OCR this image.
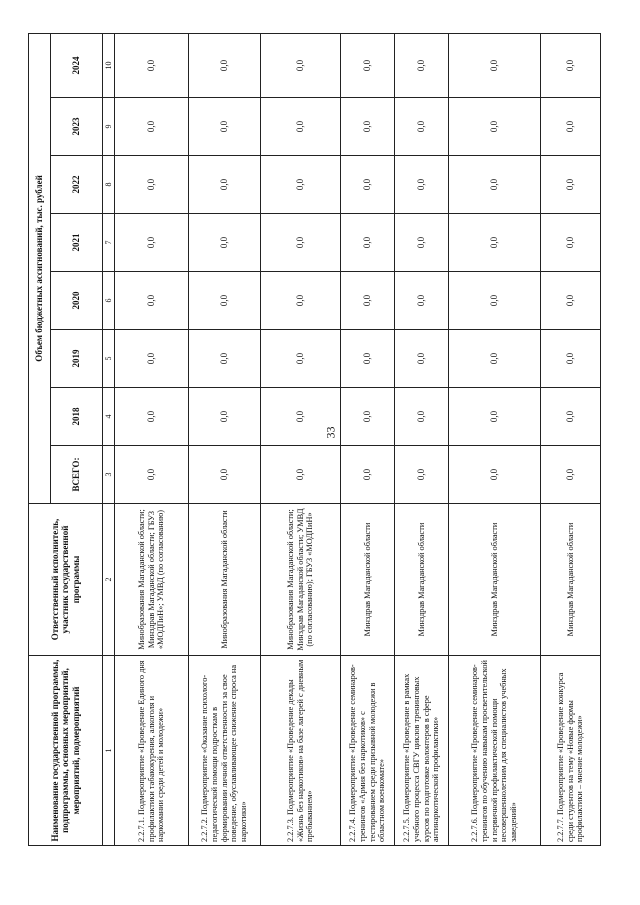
33
Наименование государственной программы, подпрограммы, основных мероприятий, мероприятий, подмероприятий	Ответственный исполнитель, участник государственной программы	Объем бюджетных ассигнований, тыс. рублей							
		ВСЕГО:	2018	2019	2020	2021	2022	2023	2024
1	2	3	4	5	6	7	8	9	10
2.2.7.1. Подмероприятие «Проведение Единого дня профилактики табакокурения, алкоголя и наркомании среди детей и молодежи»	Минобразования Магаданской области; Минздрав Магаданской области; ГБУЗ «МОДПиН»; УМВД (по согласованию)	0,0	0,0	0,0	0,0	0,0	0,0	0,0	0,0
2.2.7.2. Подмероприятие «Оказание психолого-педагогической помощи подросткам в формировании личной ответственности за свое поведение, обуславливающее снижение спроса на наркотики»	Минобразования Магаданской области	0,0	0,0	0,0	0,0	0,0	0,0	0,0	0,0
2.2.7.3. Подмероприятие «Проведение декады «Жизнь без наркотиков» на базе лагерей с дневным пребыванием»	Минобразования Магаданской области; Минздрав Магаданской области; УМВД (по согласованию); ГБУЗ «МОДПиН»	0,0	0,0	0,0	0,0	0,0	0,0	0,0	0,0
2.2.7.4. Подмероприятие «Проведение семинаров-тренингов «Армия без наркотиков» с тестированием среди призывной молодежи в областном военкомате»	Минздрав Магаданской области	0,0	0,0	0,0	0,0	0,0	0,0	0,0	0,0
2.2.7.5. Подмероприятие «Проведение в рамках учебного процесса СВГУ циклов тренинговых курсов по подготовке волонтеров в сфере антинаркотической профилактики»	Минздрав Магаданской области	0,0	0,0	0,0	0,0	0,0	0,0	0,0	0,0
2.2.7.6. Подмероприятие «Проведение семинаров-тренингов по обучению навыкам просветительской и первичной профилактической помощи несовершеннолетним для специалистов учебных заведений»	Минздрав Магаданской области	0,0	0,0	0,0	0,0	0,0	0,0	0,0	0,0
2.2.7.7. Подмероприятие «Проведение конкурса среди студентов на тему «Новые формы профилактики – мнение молодежи»	Минздрав Магаданской области	0,0	0,0	0,0	0,0	0,0	0,0	0,0	0,0
